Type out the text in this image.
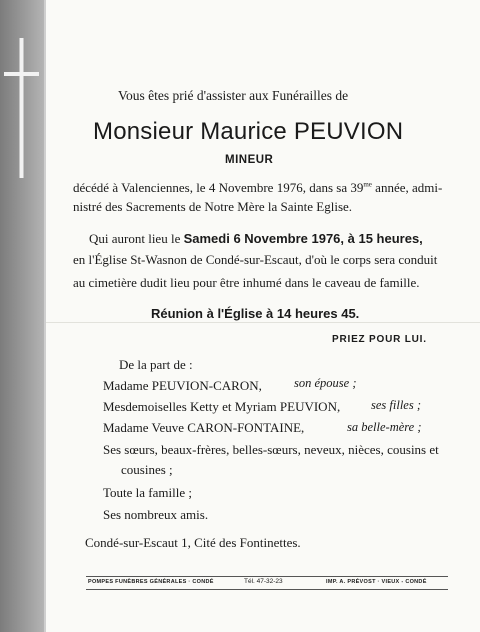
Vous êtes prié d'assister aux Funérailles de
Monsieur Maurice PEUVION
MINEUR
décédé à Valenciennes, le 4 Novembre 1976, dans sa $39^{me}$ année, admi-
nistré des Sacrements de Notre Mère la Sainte Eglise.
Qui auront lieu le Samedi 6 Novembre 1976, à 15 heures,
en l'Église St-Wasnon de Condé-sur-Escaut, d'où le corps sera conduit
au cimetière dudit lieu pour être inhumé dans le caveau de famille.
Réunion à l'Église à 14 heures 45.
PRIEZ POUR LUI.
De la part de :
Madame PEUVION-CARON,	son épouse ;
Mesdemoiselles Ketty et Myriam PEUVION, ses filles ;
Madame Veuve CARON-FONTAINE,	sa belle-mère ;
Ses sœurs, beaux-frères, belles-sœurs, neveux, nièces, cousins et
cousines ;
Toute la famille ;
Ses nombreux amis.
Condé-sur-Escaut 1, Cité des Fontinettes.
POMPES FUNÈBRES GÉNÉRALES · CONDÉ	Tél. 47-32-23	IMP. A. PRÉVOST · VIEUX - CONDÉ
